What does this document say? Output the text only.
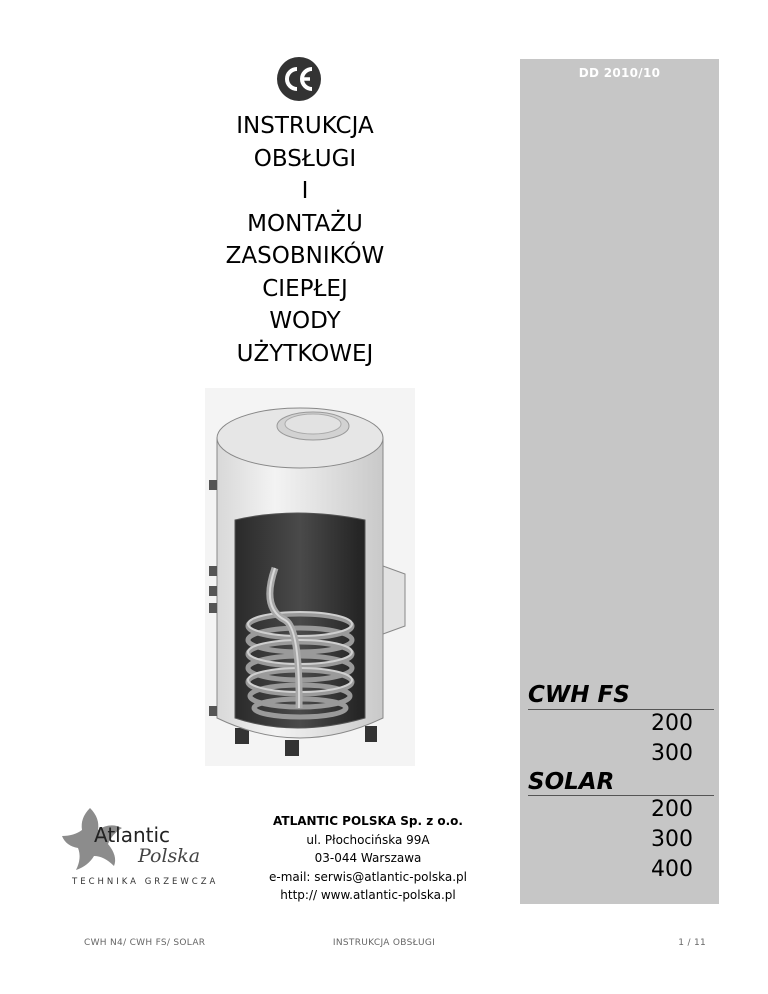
DD 2010/10
CWH FS
200
300
SOLAR
200
300
400
INSTRUKCJA
OBSŁUGI
I
MONTAŻU
ZASOBNIKÓW
CIEPŁEJ
WODY
UŻYTKOWEJ
Atlantic
Polska
TECHNIKA GRZEWCZA
ATLANTIC POLSKA Sp. z o.o.
ul. Płochocińska 99A
03-044 Warszawa
e-mail: serwis@atlantic-polska.pl
http:// www.atlantic-polska.pl
CWH N4/ CWH FS/ SOLAR	INSTRUKCJA OBSŁUGI	1 / 11
